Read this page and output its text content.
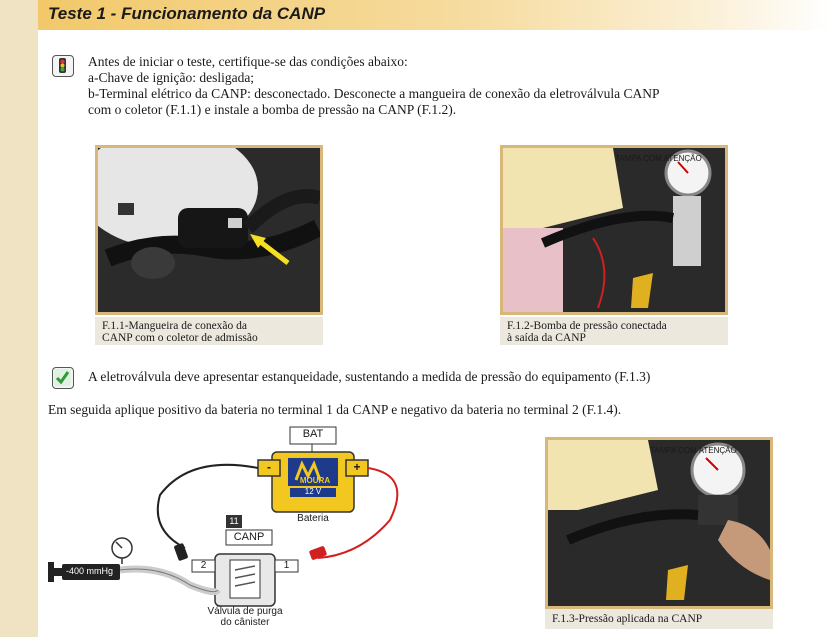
Teste 1 - Funcionamento da CANP
Antes de iniciar o teste, certifique-se das condições abaixo:
a-Chave de ignição: desligada;
b-Terminal elétrico da CANP: desconectado. Desconecte a mangueira de conexão da eletroválvula CANP
com o coletor (F.1.1) e instale a bomba de pressão na CANP (F.1.2).
F.1.1-Mangueira de conexão da
CANP com o coletor de admissão
TAMPA COM ATENÇÃO
F.1.2-Bomba de pressão conectada
à saída da CANP
A eletroválvula deve apresentar estanqueidade, sustentando a medida de pressão do equipamento (F.1.3)
Em seguida aplique positivo da bateria no terminal 1 da CANP e negativo da bateria no terminal 2 (F.1.4).
BAT
-	+
MOURA
12 V
Bateria
11
CANP
2	1
-400 mmHg
Válvula de purga
do cânister
TAMPA COM ATENÇÃO
F.1.3-Pressão aplicada na CANP
